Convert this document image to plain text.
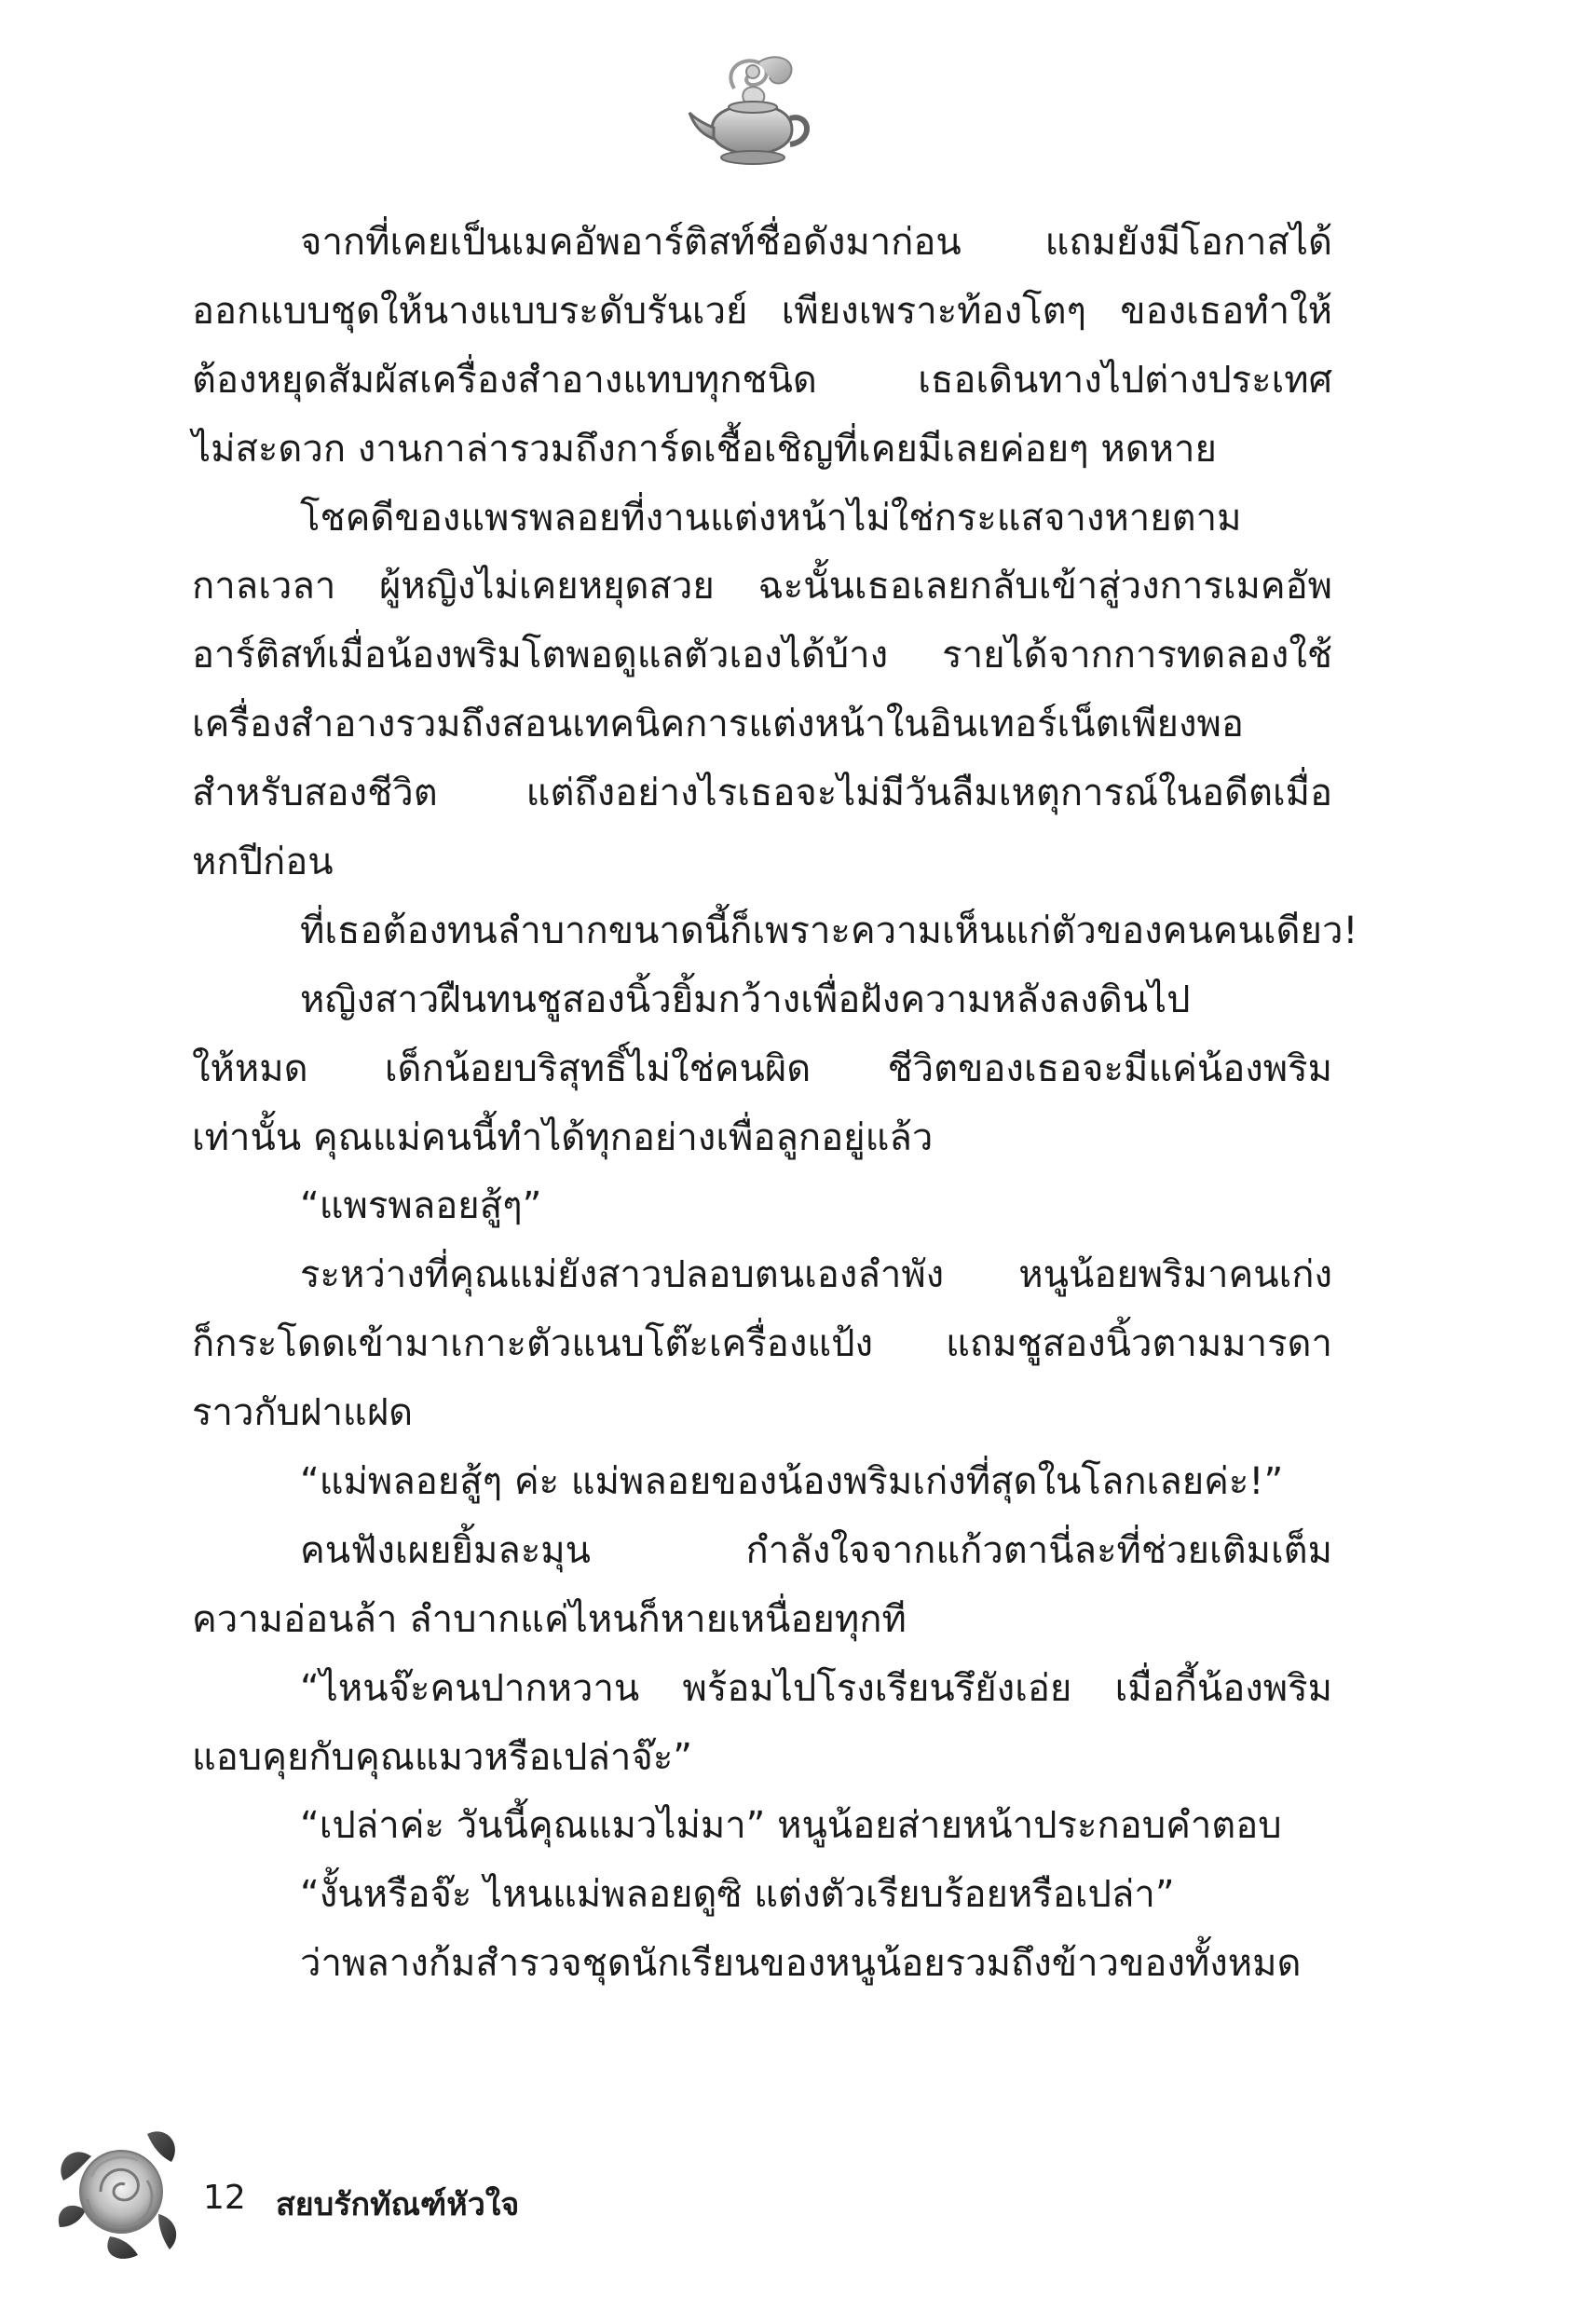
จากที่เคยเป็นเมคอัพอาร์ติสท์ชื่อดังมาก่อน แถมยังมีโอกาสได้
ออกแบบชุดให้นางแบบระดับรันเวย์ เพียงเพราะท้องโตๆ ของเธอทำให้
ต้องหยุดสัมผัสเครื่องสำอางแทบทุกชนิด เธอเดินทางไปต่างประเทศ
ไม่สะดวก งานกาล่ารวมถึงการ์ดเชื้อเชิญที่เคยมีเลยค่อยๆ หดหาย
โชคดีของแพรพลอยที่งานแต่งหน้าไม่ใช่กระแสจางหายตาม
กาลเวลา ผู้หญิงไม่เคยหยุดสวย ฉะนั้นเธอเลยกลับเข้าสู่วงการเมคอัพ
อาร์ติสท์เมื่อน้องพริมโตพอดูแลตัวเองได้บ้าง รายได้จากการทดลองใช้
เครื่องสำอางรวมถึงสอนเทคนิคการแต่งหน้าในอินเทอร์เน็ตเพียงพอ
สำหรับสองชีวิต แต่ถึงอย่างไรเธอจะไม่มีวันลืมเหตุการณ์ในอดีตเมื่อ
หกปีก่อน
ที่เธอต้องทนลำบากขนาดนี้ก็เพราะความเห็นแก่ตัวของคนคนเดียว!
หญิงสาวฝืนทนชูสองนิ้วยิ้มกว้างเพื่อฝังความหลังลงดินไป
ให้หมด เด็กน้อยบริสุทธิ์ไม่ใช่คนผิด ชีวิตของเธอจะมีแค่น้องพริม
เท่านั้น คุณแม่คนนี้ทำได้ทุกอย่างเพื่อลูกอยู่แล้ว
“แพรพลอยสู้ๆ”
ระหว่างที่คุณแม่ยังสาวปลอบตนเองลำพัง หนูน้อยพริมาคนเก่ง
ก็กระโดดเข้ามาเกาะตัวแนบโต๊ะเครื่องแป้ง แถมชูสองนิ้วตามมารดา
ราวกับฝาแฝด
“แม่พลอยสู้ๆ ค่ะ แม่พลอยของน้องพริมเก่งที่สุดในโลกเลยค่ะ!”
คนฟังเผยยิ้มละมุน กำลังใจจากแก้วตานี่ละที่ช่วยเติมเต็ม
ความอ่อนล้า ลำบากแค่ไหนก็หายเหนื่อยทุกที
“ไหนจ๊ะคนปากหวาน พร้อมไปโรงเรียนรึยังเอ่ย เมื่อกี้น้องพริม
แอบคุยกับคุณแมวหรือเปล่าจ๊ะ”
“เปล่าค่ะ วันนี้คุณแมวไม่มา” หนูน้อยส่ายหน้าประกอบคำตอบ
“งั้นหรือจ๊ะ ไหนแม่พลอยดูซิ แต่งตัวเรียบร้อยหรือเปล่า”
ว่าพลางก้มสำรวจชุดนักเรียนของหนูน้อยรวมถึงข้าวของทั้งหมด
12 สยบรักทัณฑ์หัวใจ
